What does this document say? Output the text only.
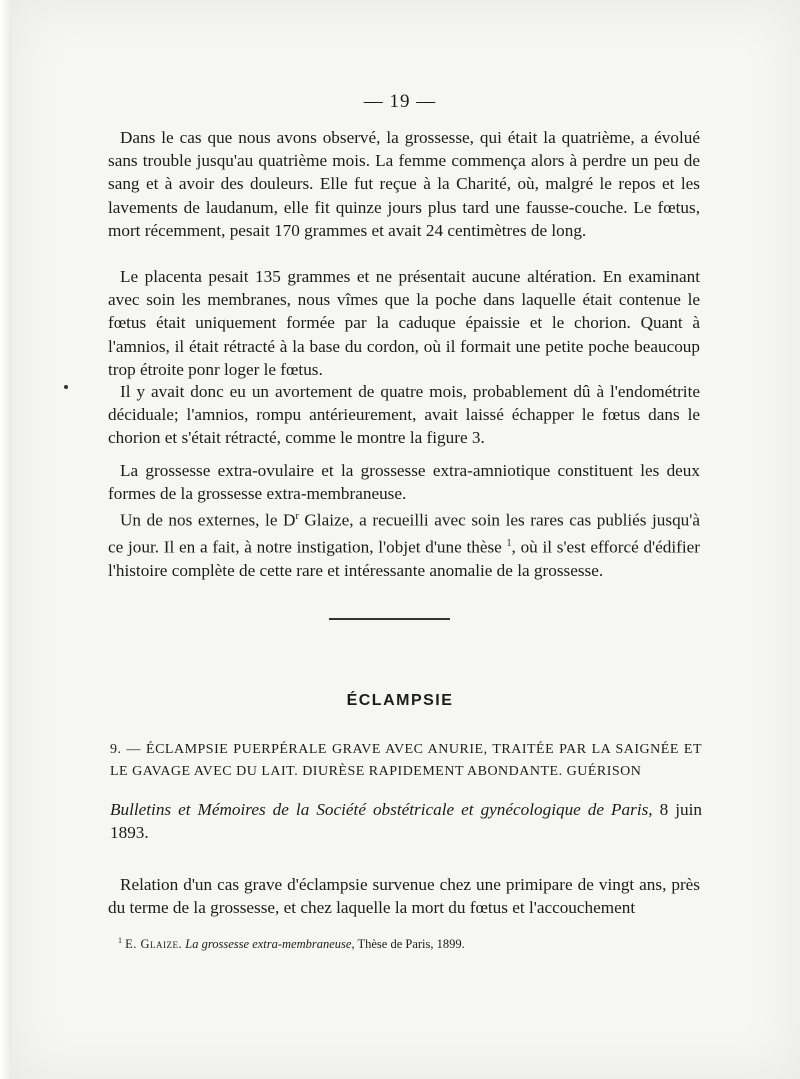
— 19 —

Dans le cas que nous avons observé, la grossesse, qui était la quatrième, a évolué sans trouble jusqu'au quatrième mois. La femme commença alors à perdre un peu de sang et à avoir des douleurs. Elle fut reçue à la Charité, où, malgré le repos et les lavements de laudanum, elle fit quinze jours plus tard une fausse-couche. Le fœtus, mort récemment, pesait 170 grammes et avait 24 centimètres de long.

Le placenta pesait 135 grammes et ne présentait aucune altération. En examinant avec soin les membranes, nous vîmes que la poche dans laquelle était contenue le fœtus était uniquement formée par la caduque épaissie et le chorion. Quant à l'amnios, il était rétracté à la base du cordon, où il formait une petite poche beaucoup trop étroite ponr loger le fœtus.

Il y avait donc eu un avortement de quatre mois, probablement dû à l'endométrite déciduale; l'amnios, rompu antérieurement, avait laissé échapper le fœtus dans le chorion et s'était rétracté, comme le montre la figure 3.

La grossesse extra-ovulaire et la grossesse extra-amniotique constituent les deux formes de la grossesse extra-membraneuse.

Un de nos externes, le $D^r$ Glaize, a recueilli avec soin les rares cas publiés jusqu'à ce jour. Il en a fait, à notre instigation, l'objet d'une thèse $^1$, où il s'est efforcé d'édifier l'histoire complète de cette rare et intéressante anomalie de la grossesse.

ÉCLAMPSIE

9. — ÉCLAMPSIE PUERPÉRALE GRAVE AVEC ANURIE, TRAITÉE PAR LA SAIGNÉE ET LE GAVAGE AVEC DU LAIT. DIURÈSE RAPIDEMENT ABONDANTE. GUÉRISON

Bulletins et Mémoires de la Société obstétricale et gynécologique de Paris, 8 juin 1893.

Relation d'un cas grave d'éclampsie survenue chez une primipare de vingt ans, près du terme de la grossesse, et chez laquelle la mort du fœtus et l'accouchement

$^1$ E. Glaize. La grossesse extra-membraneuse, Thèse de Paris, 1899.
